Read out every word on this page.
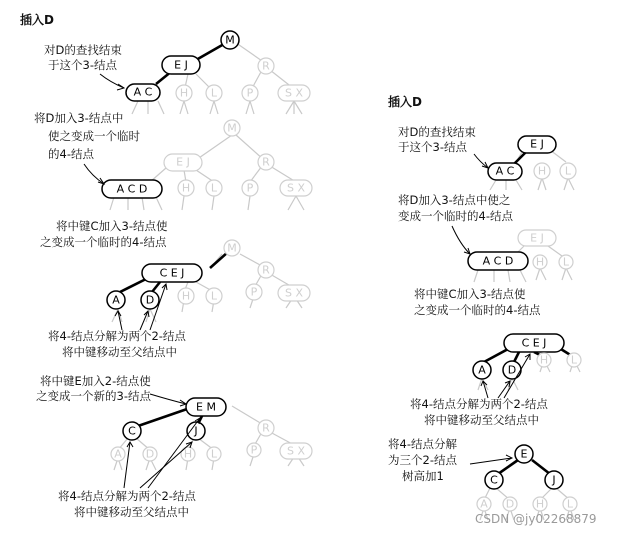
插入D
M
E J	R
A C	H L	P	S X
对D的查找结束
于这个3-结点
M
E J	R
A C D	H L	P	S X
将D加入3-结点中
使之变成一个临时
的4-结点
M
C E J	R
A D	H L	P	S X
将中键C加入3-结点使
之变成一个临时的4-结点
将4-结点分解为两个2-结点
将中键移动至父结点中
E M
R
C	J
A D	H L	P	S X
将中键E加入2-结点使
之变成一个新的3-结点
将4-结点分解为两个2-结点
将中键移动至父结点中
插入D
E J
A C H L
对D的查找结束
于这个3-结点
E J
A C D H L
将D加入3-结点中使之
变成一个临时的4-结点
C E J
A D
H L
将中键C加入3-结点使
之变成一个临时的4-结点
将4-结点分解为两个2-结点
将中键移动至父结点中
E
C	J
A D H L
将4-结点分解
为三个2-结点
树高加1
CSDN @jy02268879
